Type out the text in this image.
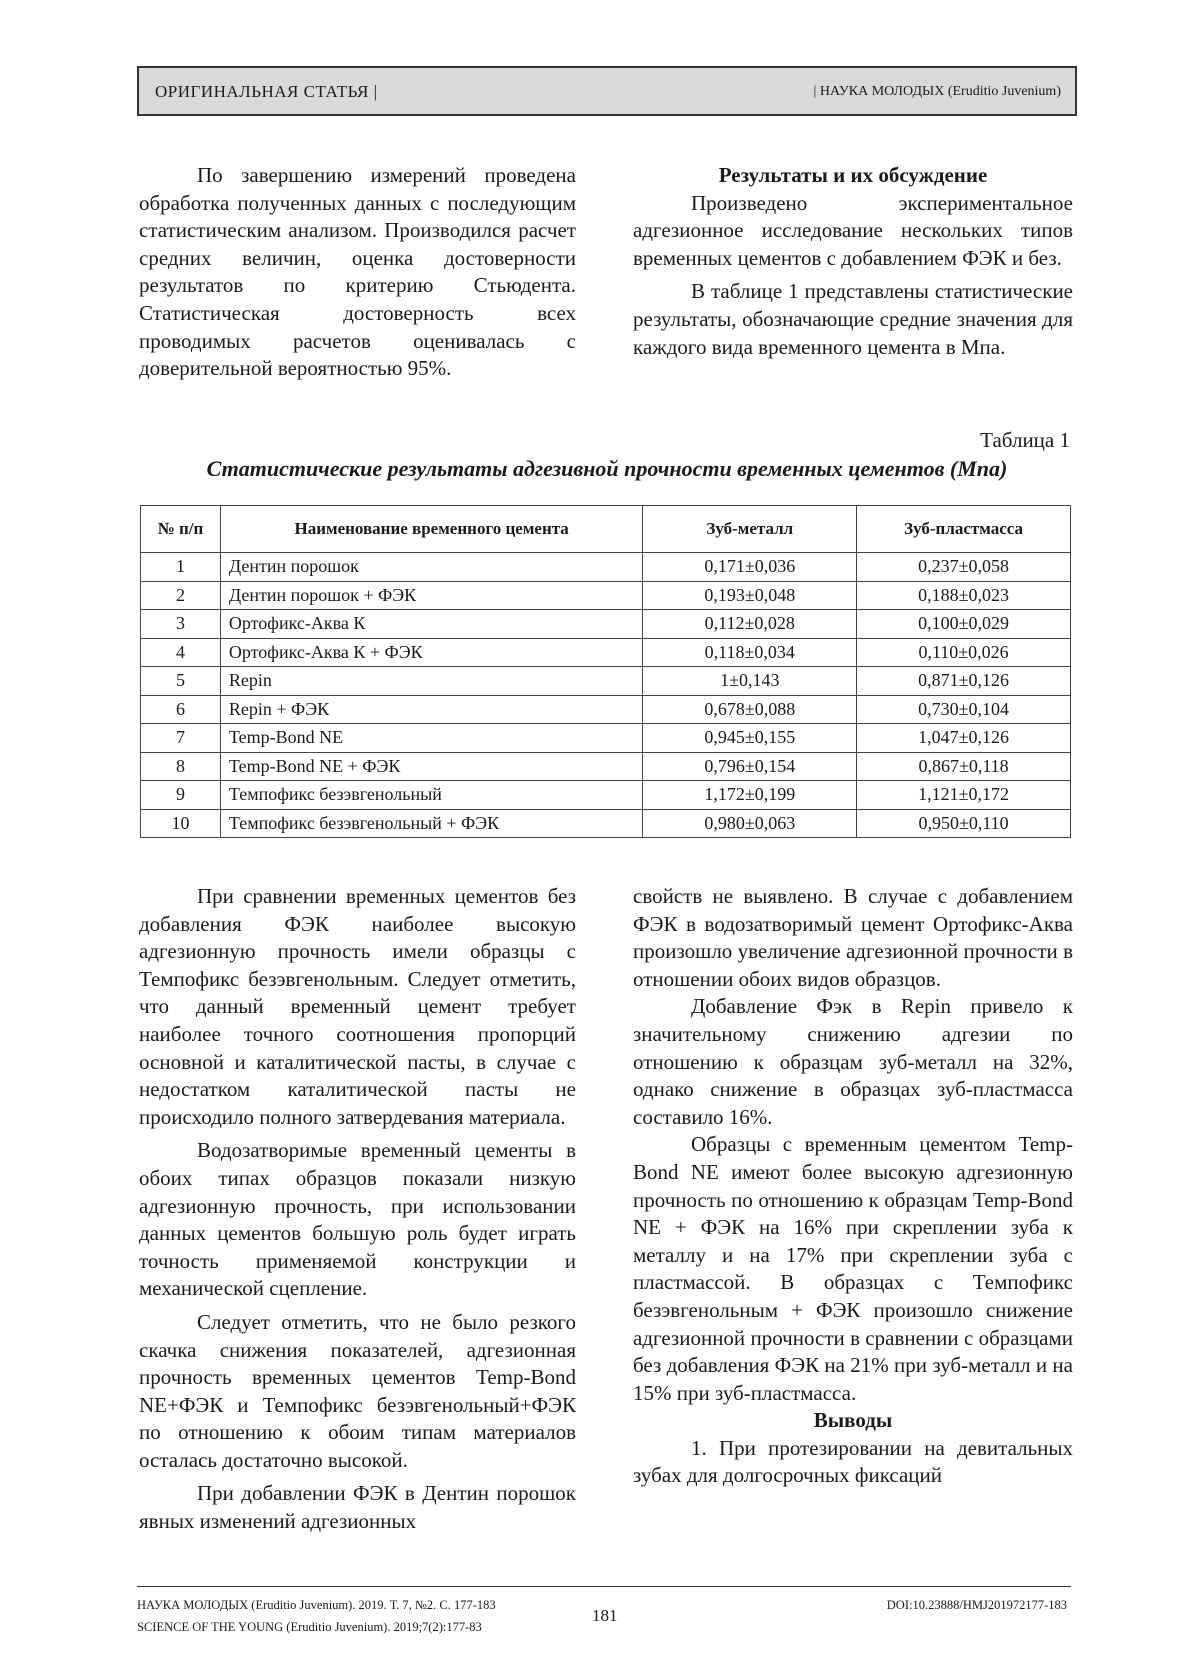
ОРИГИНАЛЬНАЯ СТАТЬЯ |	| НАУКА МОЛОДЫХ (Eruditio Juvenium)

По завершению измерений проведена обработка полученных данных с последующим статистическим анализом. Производился расчет средних величин, оценка достоверности результатов по критерию Стьюдента. Статистическая достоверность всех проводимых расчетов оценивалась с доверительной вероятностью 95%.

Результаты и их обсуждение

Произведено экспериментальное адгезионное исследование нескольких типов временных цементов с добавлением ФЭК и без.

В таблице 1 представлены статистические результаты, обозначающие средние значения для каждого вида временного цемента в Мпа.

Таблица 1
Статистические результаты адгезивной прочности временных цементов (Мпа)
№ п/п	Наименование временного цемента	Зуб-металл	Зуб-пластмасса
1	Дентин порошок	0,171±0,036	0,237±0,058
2	Дентин порошок + ФЭК	0,193±0,048	0,188±0,023
3	Ортофикс-Аква К	0,112±0,028	0,100±0,029
4	Ортофикс-Аква К + ФЭК	0,118±0,034	0,110±0,026
5	Repin	1±0,143	0,871±0,126
6	Repin + ФЭК	0,678±0,088	0,730±0,104
7	Temp-Bond NE	0,945±0,155	1,047±0,126
8	Temp-Bond NE + ФЭК	0,796±0,154	0,867±0,118
9	Темпофикс безэвгенольный	1,172±0,199	1,121±0,172
10	Темпофикс безэвгенольный + ФЭК	0,980±0,063	0,950±0,110

При сравнении временных цементов без добавления ФЭК наиболее высокую адгезионную прочность имели образцы с Темпофикс безэвгенольным. Следует отметить, что данный временный цемент требует наиболее точного соотношения пропорций основной и каталитической пасты, в случае с недостатком каталитической пасты не происходило полного затвердевания материала.

Водозатворимые временный цементы в обоих типах образцов показали низкую адгезионную прочность, при использовании данных цементов большую роль будет играть точность применяемой конструкции и механической сцепление.

Следует отметить, что не было резкого скачка снижения показателей, адгезионная прочность временных цементов Temp-Bond NE+ФЭК и Темпофикс безэвгенольный+ФЭК по отношению к обоим типам материалов осталась достаточно высокой.

При добавлении ФЭК в Дентин порошок явных изменений адгезионных

свойств не выявлено. В случае с добавлением ФЭК в водозатворимый цемент Ортофикс-Аква произошло увеличение адгезионной прочности в отношении обоих видов образцов.

Добавление Фэк в Repin привело к значительному снижению адгезии по отношению к образцам зуб-металл на 32%, однако снижение в образцах зуб-пластмасса составило 16%.

Образцы с временным цементом Temp-Bond NE имеют более высокую адгезионную прочность по отношению к образцам Temp-Bond NE + ФЭК на 16% при скреплении зуба к металлу и на 17% при скреплении зуба с пластмассой. В образцах с Темпофикс безэвгенольным + ФЭК произошло снижение адгезионной прочности в сравнении с образцами без добавления ФЭК на 21% при зуб-металл и на 15% при зуб-пластмасса.

Выводы

1. При протезировании на девитальных зубах для долгосрочных фиксаций

НАУКА МОЛОДЫХ (Eruditio Juvenium). 2019. Т. 7, №2. С. 177-183
SCIENCE OF THE YOUNG (Eruditio Juvenium). 2019;7(2):177-83
181
DOI:10.23888/HMJ201972177-183
